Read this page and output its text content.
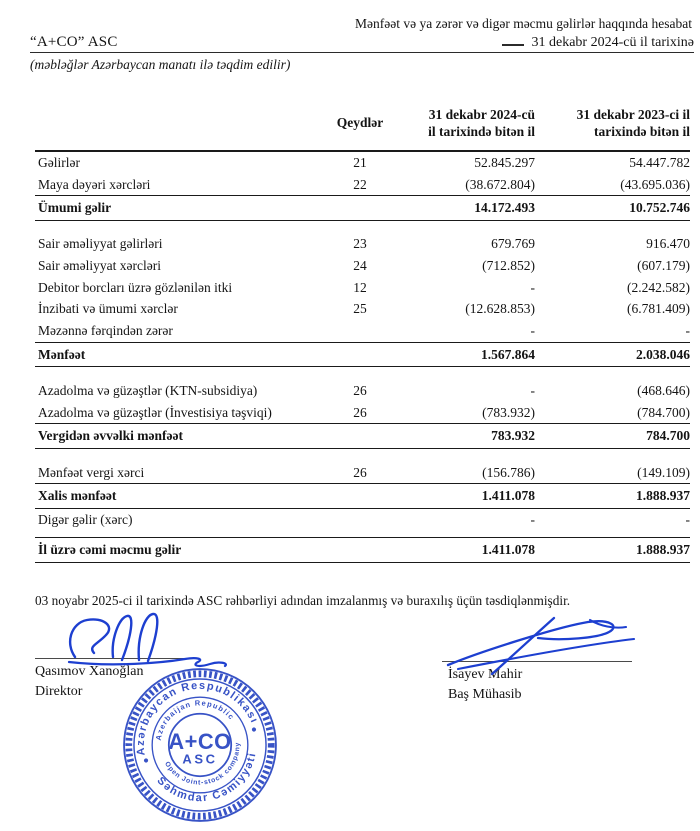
Mənfəət və ya zərər və digər məcmu gəlirlər haqqında hesabat
“A+CO” ASC	31 dekabr 2024-cü il tarixinə
(məbləğlər Azərbaycan manatı ilə təqdim edilir)
	Qeydlər	31 dekabr 2024-cü
il tarixində bitən il	31 dekabr 2023-ci il
tarixində bitən il
Gəlirlər	21	52.845.297	54.447.782
Maya dəyəri xərcləri	22	(38.672.804)	(43.695.036)
Ümumi gəlir		14.172.493	10.752.746

Sair əməliyyat gəlirləri	23	679.769	916.470
Sair əməliyyat xərcləri	24	(712.852)	(607.179)
Debitor borcları üzrə gözlənilən itki	12	-	(2.242.582)
İnzibati və ümumi xərclər	25	(12.628.853)	(6.781.409)
Məzənnə fərqindən zərər		-	-
Mənfəət		1.567.864	2.038.046

Azadolma və güzəştlər (KTN-subsidiya)	26	-	(468.646)
Azadolma və güzəştlər (İnvestisiya təşviqi)	26	(783.932)	(784.700)
Vergidən əvvəlki mənfəət		783.932	784.700

Mənfəət vergi xərci	26	(156.786)	(149.109)
Xalis mənfəət		1.411.078	1.888.937
Digər gəlir (xərc)		-	-
İl üzrə cəmi məcmu gəlir		1.411.078	1.888.937
03 noyabr 2025-ci il tarixində ASC rəhbərliyi adından imzalanmış və buraxılış üçün təsdiqlənmişdir.
Qasımov Xanoğlan
Direktor
İsayev Mahir
Baş Mühasib
Azərbaycan Respublikası
Səhmdar Cəmiyyəti
Azerbaijan Republic
Open Joint-stock company
A+CO
ASC
